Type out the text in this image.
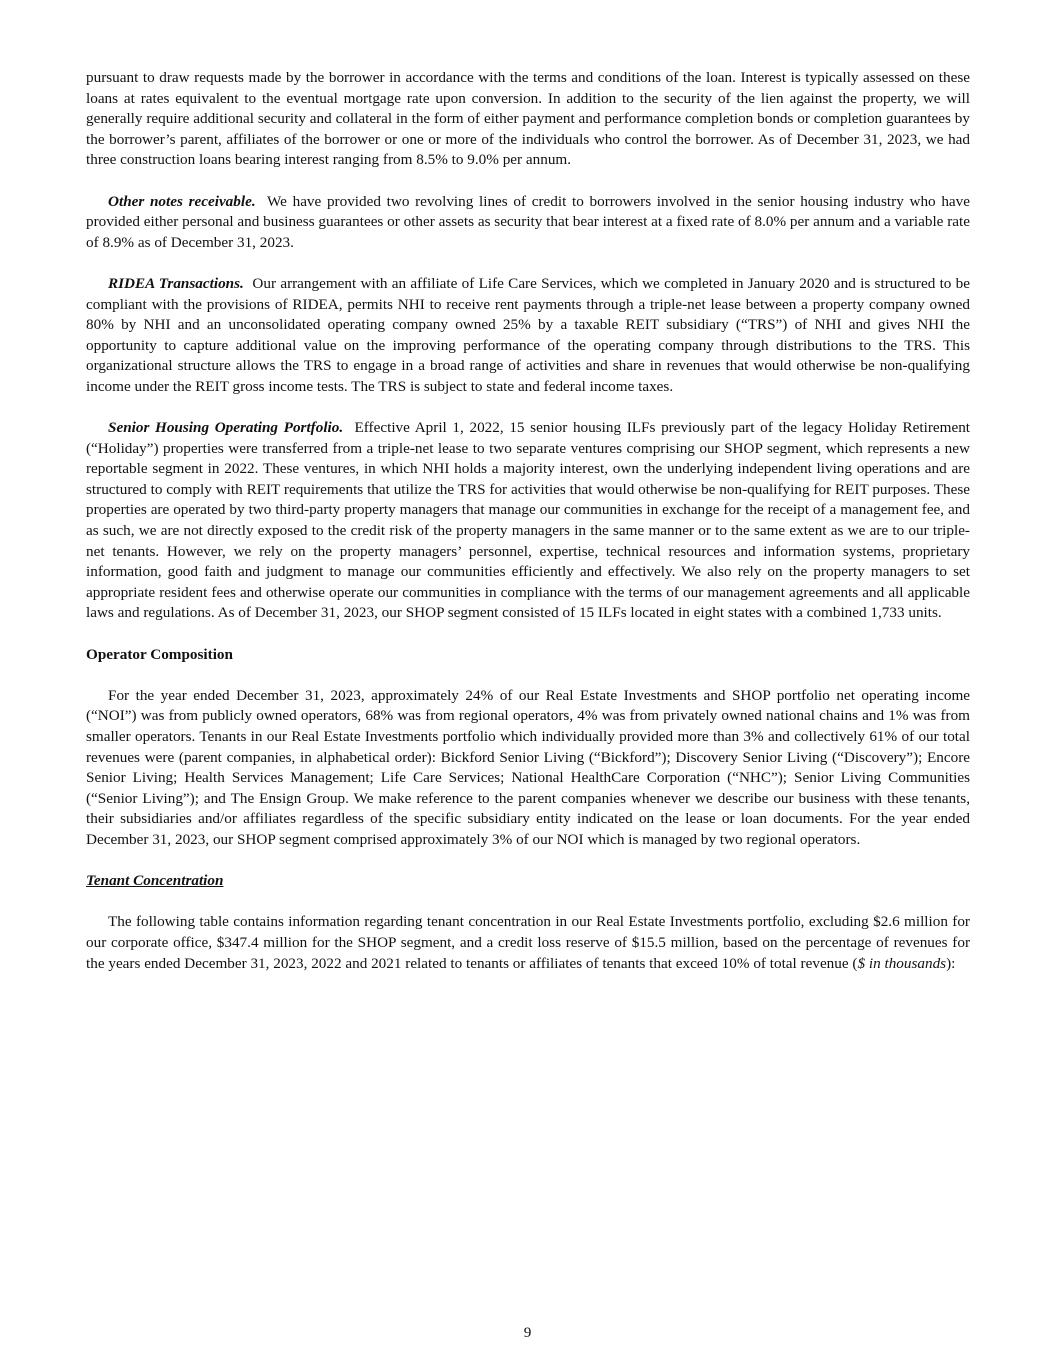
pursuant to draw requests made by the borrower in accordance with the terms and conditions of the loan. Interest is typically assessed on these loans at rates equivalent to the eventual mortgage rate upon conversion. In addition to the security of the lien against the property, we will generally require additional security and collateral in the form of either payment and performance completion bonds or completion guarantees by the borrower’s parent, affiliates of the borrower or one or more of the individuals who control the borrower. As of December 31, 2023, we had three construction loans bearing interest ranging from 8.5% to 9.0% per annum.

Other notes receivable. We have provided two revolving lines of credit to borrowers involved in the senior housing industry who have provided either personal and business guarantees or other assets as security that bear interest at a fixed rate of 8.0% per annum and a variable rate of 8.9% as of December 31, 2023.

RIDEA Transactions. Our arrangement with an affiliate of Life Care Services, which we completed in January 2020 and is structured to be compliant with the provisions of RIDEA, permits NHI to receive rent payments through a triple-net lease between a property company owned 80% by NHI and an unconsolidated operating company owned 25% by a taxable REIT subsidiary (“TRS”) of NHI and gives NHI the opportunity to capture additional value on the improving performance of the operating company through distributions to the TRS. This organizational structure allows the TRS to engage in a broad range of activities and share in revenues that would otherwise be non-qualifying income under the REIT gross income tests. The TRS is subject to state and federal income taxes.

Senior Housing Operating Portfolio. Effective April 1, 2022, 15 senior housing ILFs previously part of the legacy Holiday Retirement (“Holiday”) properties were transferred from a triple-net lease to two separate ventures comprising our SHOP segment, which represents a new reportable segment in 2022. These ventures, in which NHI holds a majority interest, own the underlying independent living operations and are structured to comply with REIT requirements that utilize the TRS for activities that would otherwise be non-qualifying for REIT purposes. These properties are operated by two third-party property managers that manage our communities in exchange for the receipt of a management fee, and as such, we are not directly exposed to the credit risk of the property managers in the same manner or to the same extent as we are to our triple-net tenants. However, we rely on the property managers’ personnel, expertise, technical resources and information systems, proprietary information, good faith and judgment to manage our communities efficiently and effectively. We also rely on the property managers to set appropriate resident fees and otherwise operate our communities in compliance with the terms of our management agreements and all applicable laws and regulations. As of December 31, 2023, our SHOP segment consisted of 15 ILFs located in eight states with a combined 1,733 units.

Operator Composition

For the year ended December 31, 2023, approximately 24% of our Real Estate Investments and SHOP portfolio net operating income (“NOI”) was from publicly owned operators, 68% was from regional operators, 4% was from privately owned national chains and 1% was from smaller operators. Tenants in our Real Estate Investments portfolio which individually provided more than 3% and collectively 61% of our total revenues were (parent companies, in alphabetical order): Bickford Senior Living (“Bickford”); Discovery Senior Living (“Discovery”); Encore Senior Living; Health Services Management; Life Care Services; National HealthCare Corporation (“NHC”); Senior Living Communities (“Senior Living”); and The Ensign Group. We make reference to the parent companies whenever we describe our business with these tenants, their subsidiaries and/or affiliates regardless of the specific subsidiary entity indicated on the lease or loan documents. For the year ended December 31, 2023, our SHOP segment comprised approximately 3% of our NOI which is managed by two regional operators.

Tenant Concentration

The following table contains information regarding tenant concentration in our Real Estate Investments portfolio, excluding $2.6 million for our corporate office, $347.4 million for the SHOP segment, and a credit loss reserve of $15.5 million, based on the percentage of revenues for the years ended December 31, 2023, 2022 and 2021 related to tenants or affiliates of tenants that exceed 10% of total revenue ($ in thousands):

9
